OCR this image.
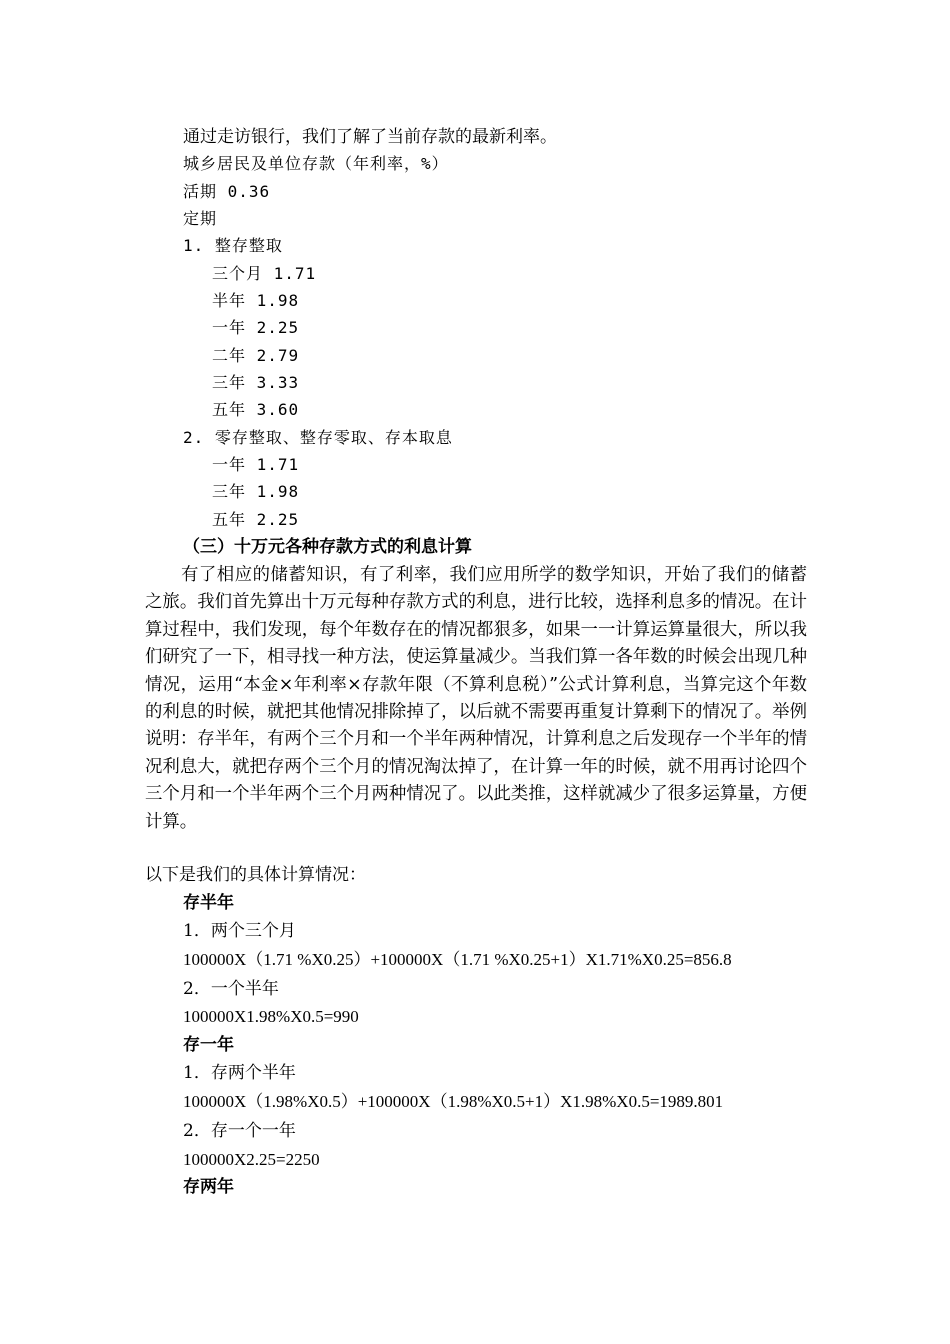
通过走访银行，我们了解了当前存款的最新利率。
城乡居民及单位存款（年利率，%）
活期 0.36
定期
1. 整存整取
三个月 1.71
半年 1.98
一年 2.25
二年 2.79
三年 3.33
五年 3.60
2. 零存整取、整存零取、存本取息
一年 1.71
三年 1.98
五年 2.25
（三）十万元各种存款方式的利息计算

有了相应的储蓄知识，有了利率，我们应用所学的数学知识，开始了我们的储蓄之旅。我们首先算出十万元每种存款方式的利息，进行比较，选择利息多的情况。在计算过程中，我们发现，每个年数存在的情况都狠多，如果一一计算运算量很大，所以我们研究了一下，相寻找一种方法，使运算量减少。当我们算一各年数的时候会出现几种情况，运用“本金×年利率×存款年限（不算利息税）”公式计算利息，当算完这个年数的利息的时候，就把其他情况排除掉了，以后就不需要再重复计算剩下的情况了。举例说明：存半年，有两个三个月和一个半年两种情况，计算利息之后发现存一个半年的情况利息大，就把存两个三个月的情况淘汰掉了，在计算一年的时候，就不用再讨论四个三个月和一个半年两个三个月两种情况了。以此类推，这样就减少了很多运算量，方便计算。

以下是我们的具体计算情况：
存半年
1．两个三个月
100000X（1.71 %X0.25）+100000X（1.71 %X0.25+1）X1.71%X0.25=856.8
2．一个半年
100000X1.98%X0.5=990
存一年
1．存两个半年
100000X（1.98%X0.5）+100000X（1.98%X0.5+1）X1.98%X0.5=1989.801
2．存一个一年
100000X2.25=2250
存两年
